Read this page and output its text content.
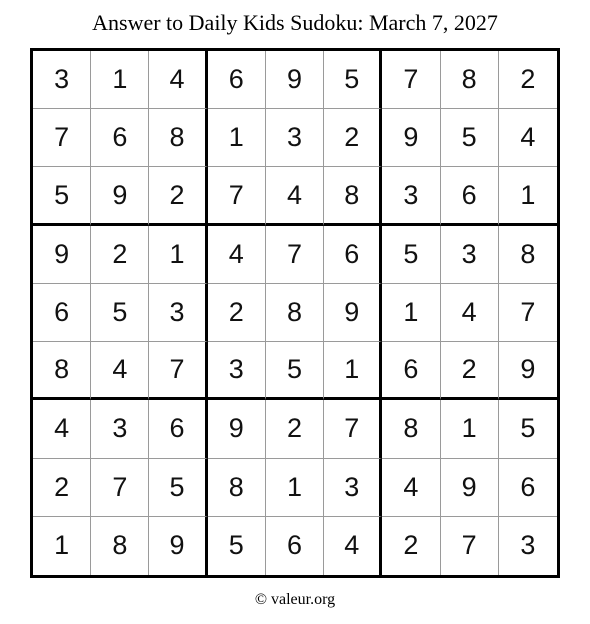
Answer to Daily Kids Sudoku: March 7, 2027
3	1	4	6	9	5	7	8	2
7	6	8	1	3	2	9	5	4
5	9	2	7	4	8	3	6	1
9	2	1	4	7	6	5	3	8
6	5	3	2	8	9	1	4	7
8	4	7	3	5	1	6	2	9
4	3	6	9	2	7	8	1	5
2	7	5	8	1	3	4	9	6
1	8	9	5	6	4	2	7	3
© valeur.org
